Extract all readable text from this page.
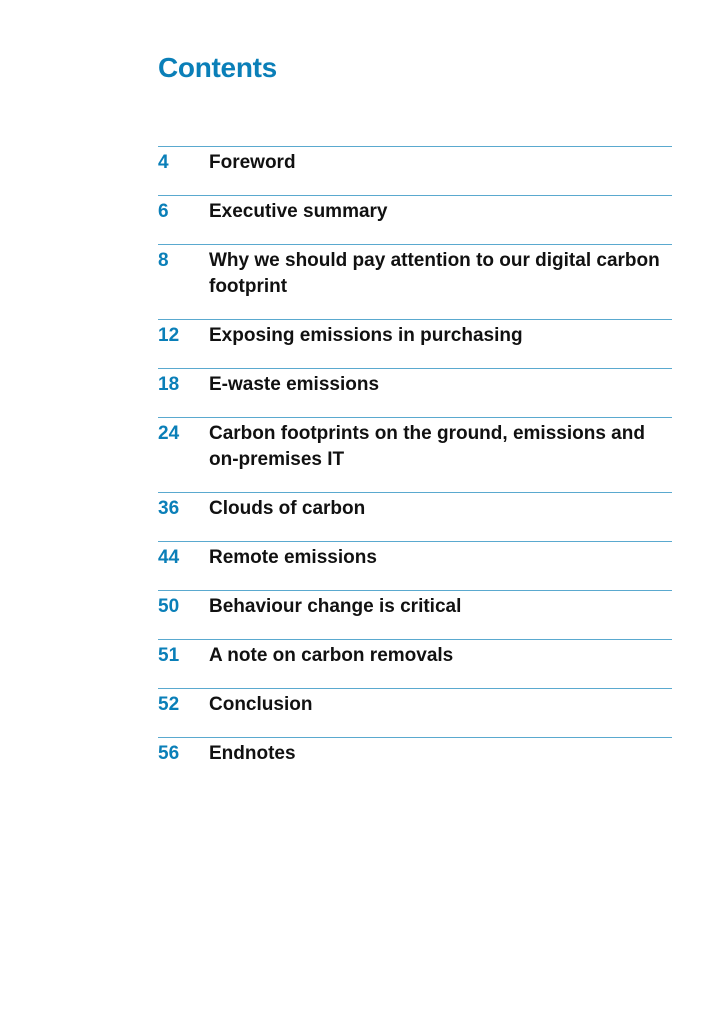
Contents
4	Foreword
6	Executive summary
8	Why we should pay attention to our digital carbon footprint
12	Exposing emissions in purchasing
18	E-waste emissions
24	Carbon footprints on the ground, emissions and on-premises IT
36	Clouds of carbon
44	Remote emissions
50	Behaviour change is critical
51	A note on carbon removals
52	Conclusion
56	Endnotes
